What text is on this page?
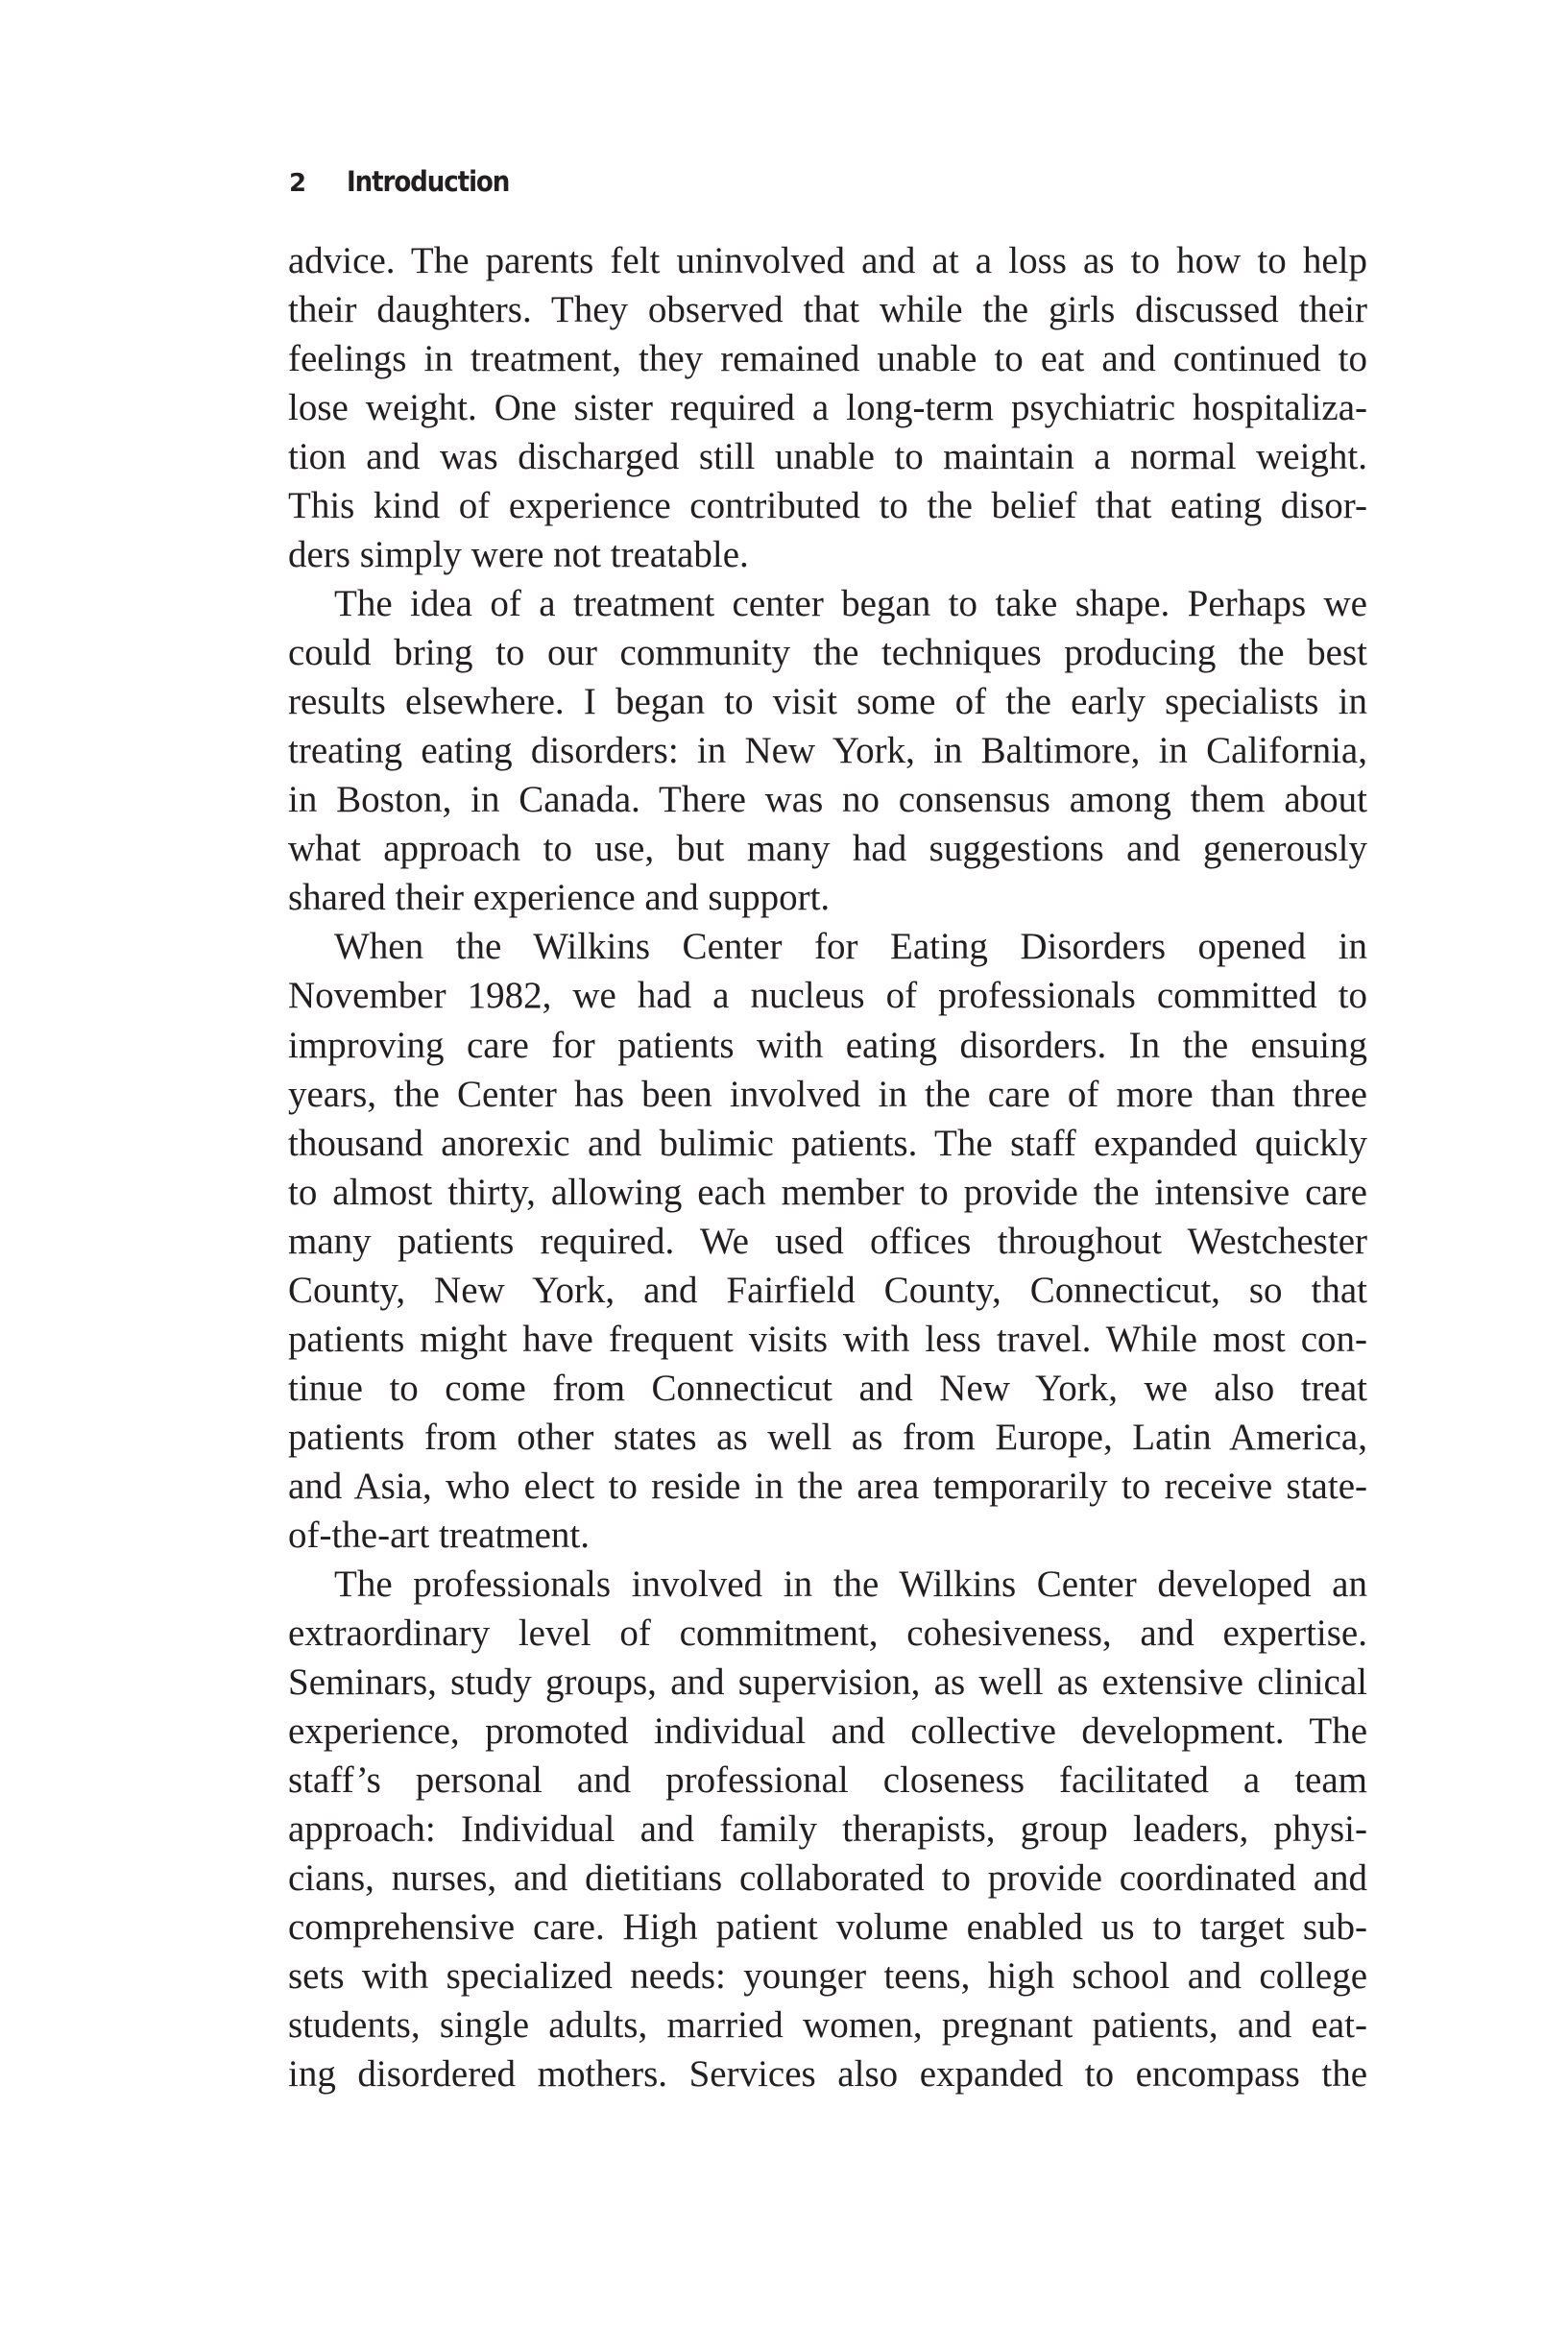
2	Introduction

advice. The parents felt uninvolved and at a loss as to how to help
their daughters. They observed that while the girls discussed their
feelings in treatment, they remained unable to eat and continued to
lose weight. One sister required a long-term psychiatric hospitaliza-
tion and was discharged still unable to maintain a normal weight.
This kind of experience contributed to the belief that eating disor-
ders simply were not treatable.

The idea of a treatment center began to take shape. Perhaps we
could bring to our community the techniques producing the best
results elsewhere. I began to visit some of the early specialists in
treating eating disorders: in New York, in Baltimore, in California,
in Boston, in Canada. There was no consensus among them about
what approach to use, but many had suggestions and generously
shared their experience and support.

When the Wilkins Center for Eating Disorders opened in
November 1982, we had a nucleus of professionals committed to
improving care for patients with eating disorders. In the ensuing
years, the Center has been involved in the care of more than three
thousand anorexic and bulimic patients. The staff expanded quickly
to almost thirty, allowing each member to provide the intensive care
many patients required. We used offices throughout Westchester
County, New York, and Fairfield County, Connecticut, so that
patients might have frequent visits with less travel. While most con-
tinue to come from Connecticut and New York, we also treat
patients from other states as well as from Europe, Latin America,
and Asia, who elect to reside in the area temporarily to receive state-
of-the-art treatment.

The professionals involved in the Wilkins Center developed an
extraordinary level of commitment, cohesiveness, and expertise.
Seminars, study groups, and supervision, as well as extensive clinical
experience, promoted individual and collective development. The
staff’s personal and professional closeness facilitated a team
approach: Individual and family therapists, group leaders, physi-
cians, nurses, and dietitians collaborated to provide coordinated and
comprehensive care. High patient volume enabled us to target sub-
sets with specialized needs: younger teens, high school and college
students, single adults, married women, pregnant patients, and eat-
ing disordered mothers. Services also expanded to encompass the
